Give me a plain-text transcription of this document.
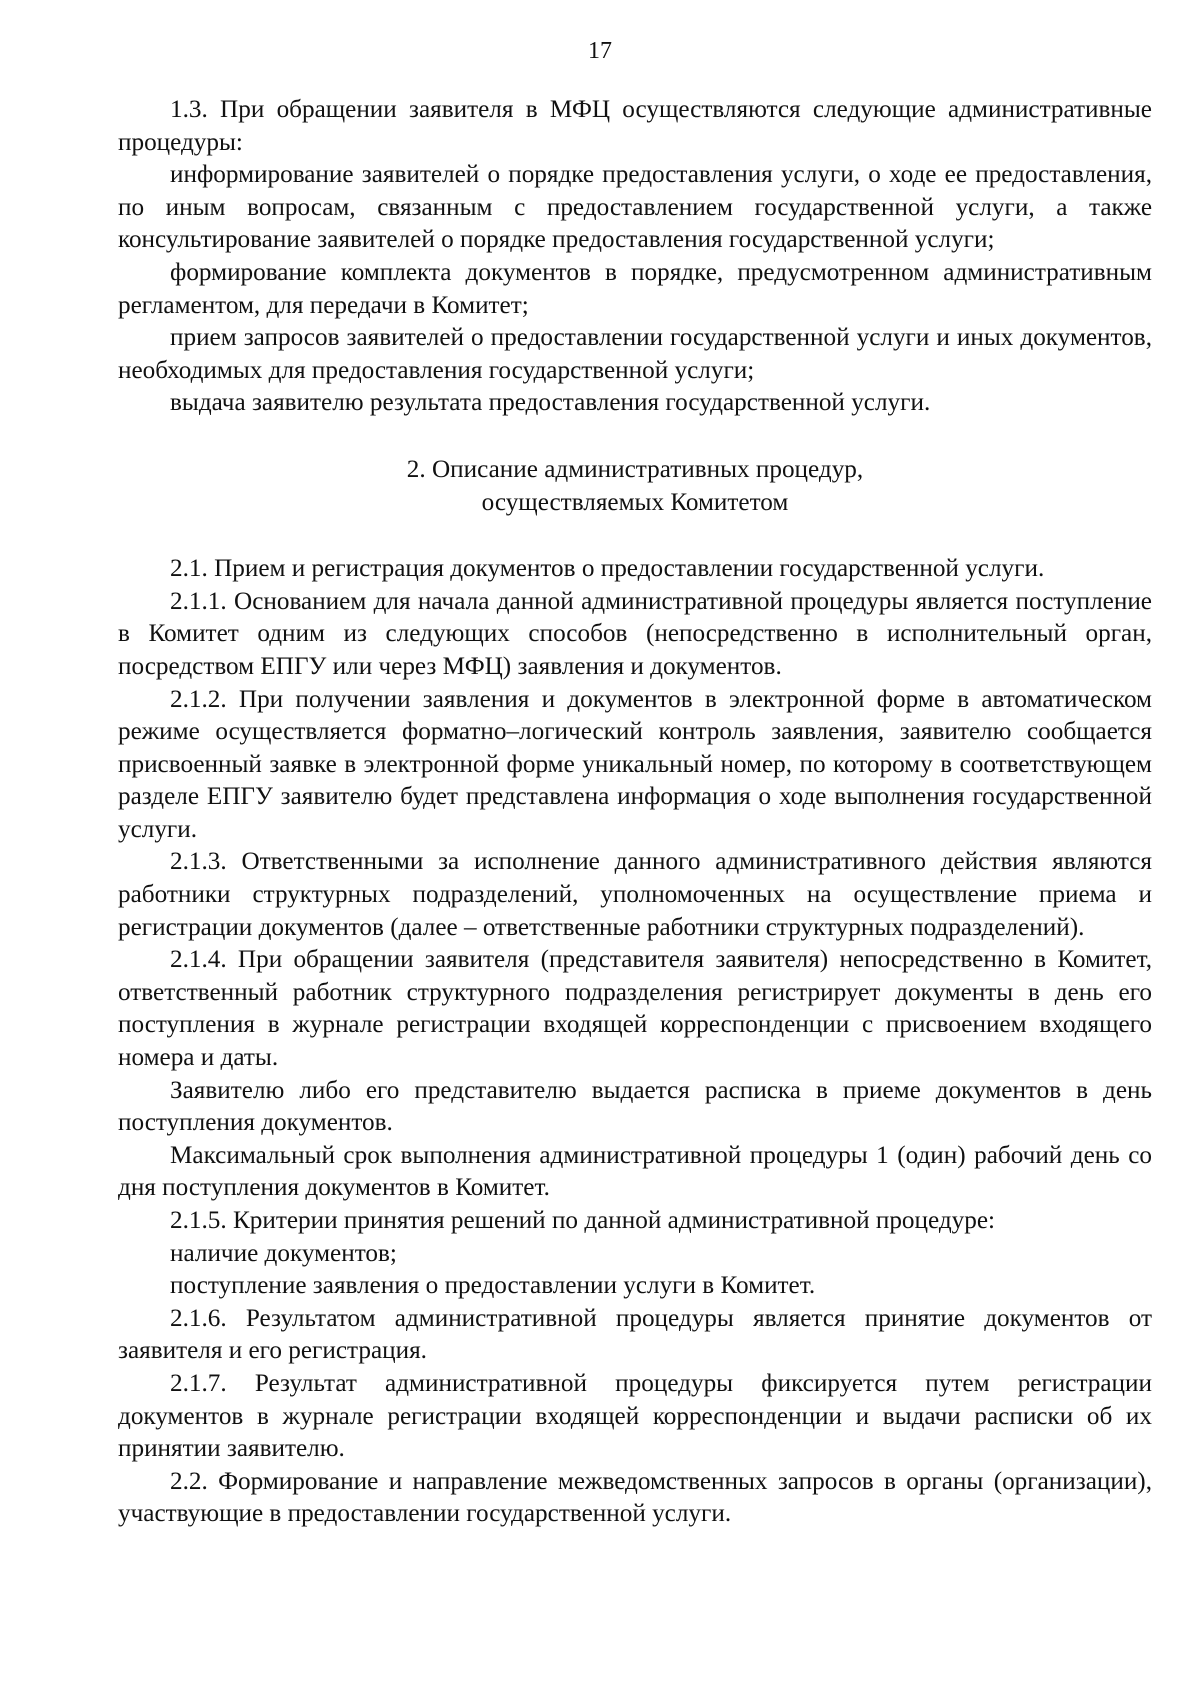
17

1.3. При обращении заявителя в МФЦ осуществляются следующие административные процедуры:

информирование заявителей о порядке предоставления услуги, о ходе ее предоставления, по иным вопросам, связанным с предоставлением государственной услуги, а также консультирование заявителей о порядке предоставления государственной услуги;

формирование комплекта документов в порядке, предусмотренном административным регламентом, для передачи в Комитет;

прием запросов заявителей о предоставлении государственной услуги и иных документов, необходимых для предоставления государственной услуги;

выдача заявителю результата предоставления государственной услуги.

2. Описание административных процедур,
осуществляемых Комитетом

2.1. Прием и регистрация документов о предоставлении государственной услуги.

2.1.1. Основанием для начала данной административной процедуры является поступление в Комитет одним из следующих способов (непосредственно в исполнительный орган, посредством ЕПГУ или через МФЦ) заявления и документов.

2.1.2. При получении заявления и документов в электронной форме в автоматическом режиме осуществляется форматно–логический контроль заявления, заявителю сообщается присвоенный заявке в электронной форме уникальный номер, по которому в соответствующем разделе ЕПГУ заявителю будет представлена информация о ходе выполнения государственной услуги.

2.1.3. Ответственными за исполнение данного административного действия являются работники структурных подразделений, уполномоченных на осуществление приема и регистрации документов (далее – ответственные работники структурных подразделений).

2.1.4. При обращении заявителя (представителя заявителя) непосредственно в Комитет, ответственный работник структурного подразделения регистрирует документы в день его поступления в журнале регистрации входящей корреспонденции с присвоением входящего номера и даты.

Заявителю либо его представителю выдается расписка в приеме документов в день поступления документов.

Максимальный срок выполнения административной процедуры 1 (один) рабочий день со дня поступления документов в Комитет.

2.1.5. Критерии принятия решений по данной административной процедуре:

наличие документов;

поступление заявления о предоставлении услуги в Комитет.

2.1.6. Результатом административной процедуры является принятие документов от заявителя и его регистрация.

2.1.7. Результат административной процедуры фиксируется путем регистрации документов в журнале регистрации входящей корреспонденции и выдачи расписки об их принятии заявителю.

2.2. Формирование и направление межведомственных запросов в органы (организации), участвующие в предоставлении государственной услуги.
